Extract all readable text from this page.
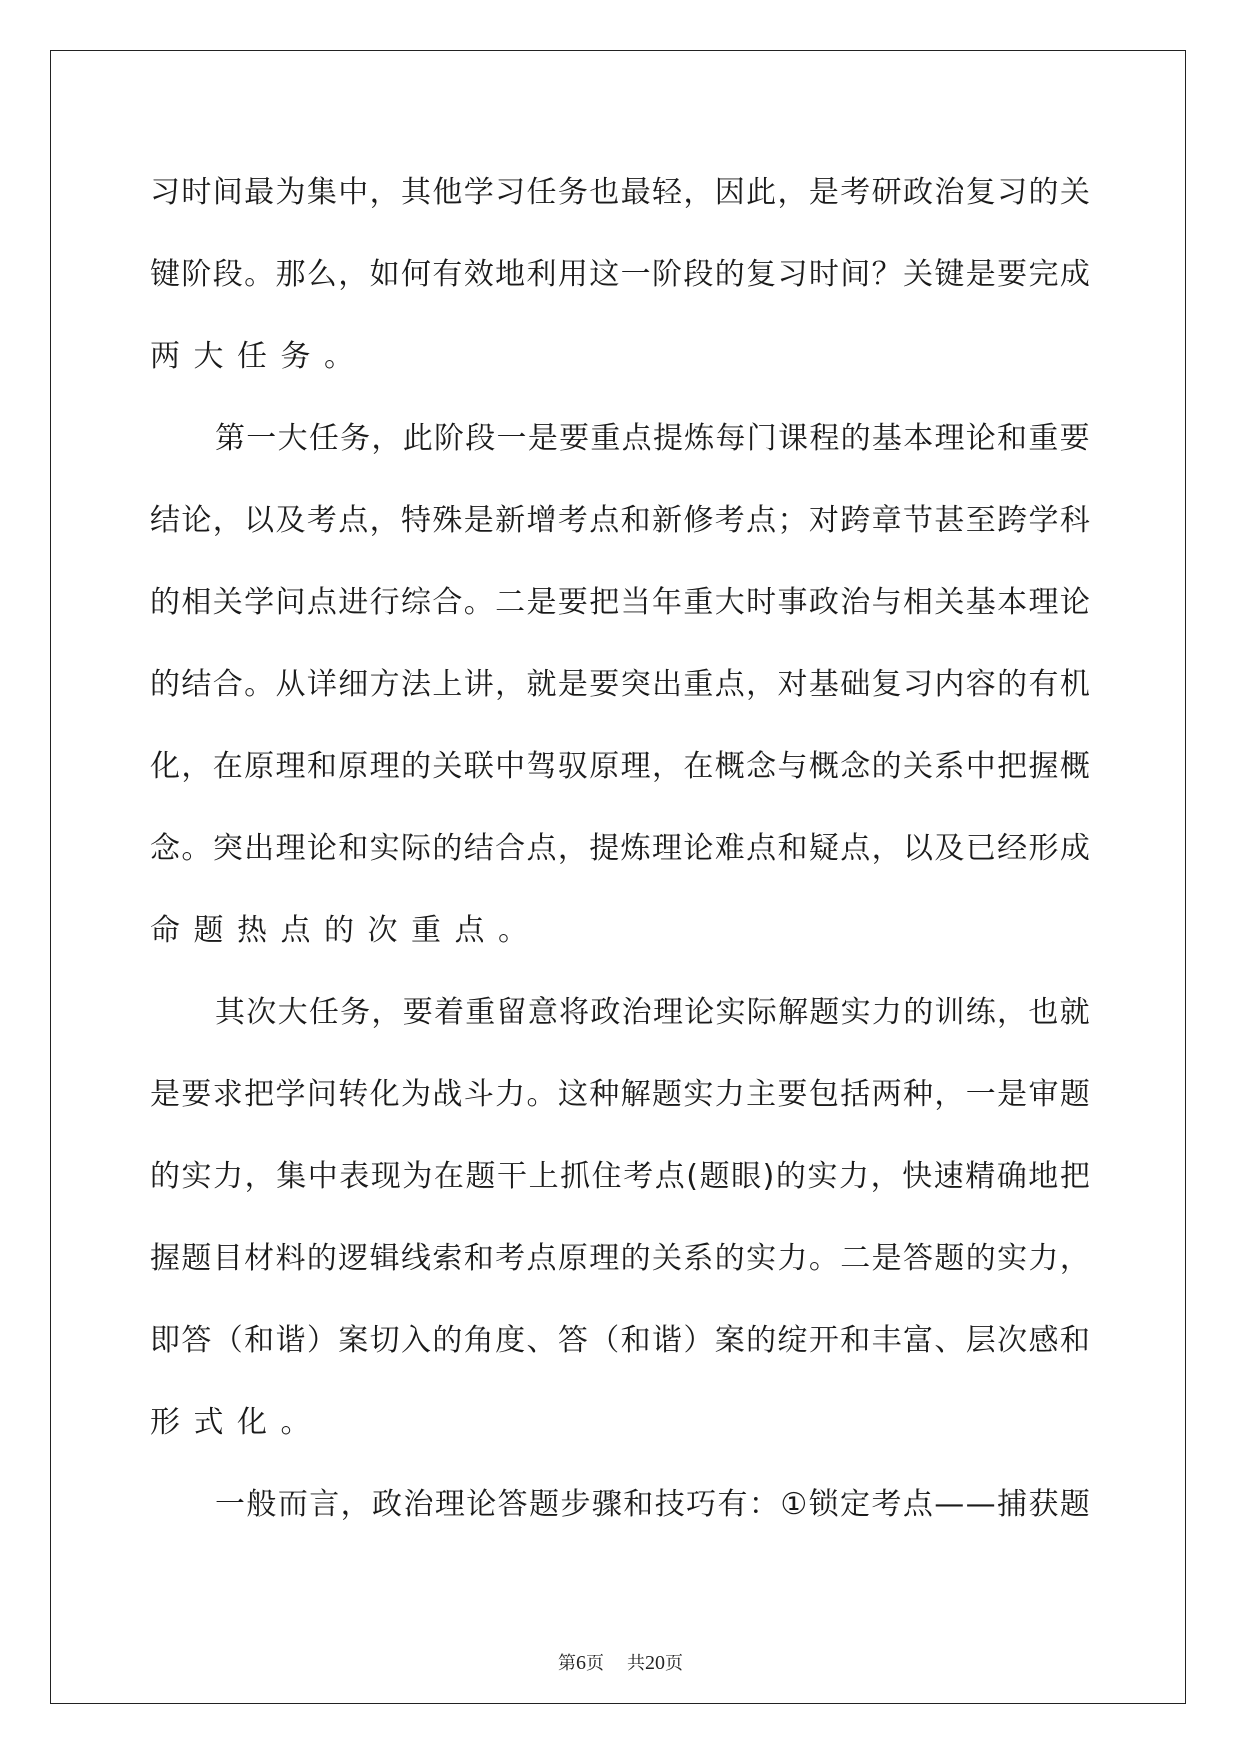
习 时 间 最 为 集 中 ， 其 他 学 习 任 务 也 最 轻 ， 因 此 ， 是 考 研 政 治 复 习 的 关
键 阶 段 。 那 么 ， 如 何 有 效 地 利 用 这 一 阶 段 的 复 习 时 间 ？ 关 键 是 要 完 成
两大任务。
第 一 大 任 务 ， 此 阶 段 一 是 要 重 点 提 炼 每 门 课 程 的 基 本 理 论 和 重 要
结 论 ， 以 及 考 点 ， 特 殊 是 新 增 考 点 和 新 修 考 点 ； 对 跨 章 节 甚 至 跨 学 科
的 相 关 学 问 点 进 行 综 合 。 二 是 要 把 当 年 重 大 时 事 政 治 与 相 关 基 本 理 论
的 结 合 。 从 详 细 方 法 上 讲 ， 就 是 要 突 出 重 点 ， 对 基 础 复 习 内 容 的 有 机
化 ， 在 原 理 和 原 理 的 关 联 中 驾 驭 原 理 ， 在 概 念 与 概 念 的 关 系 中 把 握 概
念 。 突 出 理 论 和 实 际 的 结 合 点 ， 提 炼 理 论 难 点 和 疑 点 ， 以 及 已 经 形 成
命题热点的次重点。
其 次 大 任 务 ， 要 着 重 留 意 将 政 治 理 论 实 际 解 题 实 力 的 训 练 ， 也 就
是 要 求 把 学 问 转 化 为 战 斗 力 。 这 种 解 题 实 力 主 要 包 括 两 种 ， 一 是 审 题
的 实 力 ， 集 中 表 现 为 在 题 干 上 抓 住 考 点 ( 题 眼 ) 的 实 力 ， 快 速 精 确 地 把
握 题 目 材 料 的 逻 辑 线 索 和 考 点 原 理 的 关 系 的 实 力 。 二 是 答 题 的 实 力 ，
即 答 （ 和 谐 ） 案 切 入 的 角 度 、 答 （ 和 谐 ） 案 的 绽 开 和 丰 富 、 层 次 感 和
形式化。
一 般 而 言 ， 政 治 理 论 答 题 步 骤 和 技 巧 有 ： ① 锁 定 考 点 — — 捕 获 题
第6页 共20页
